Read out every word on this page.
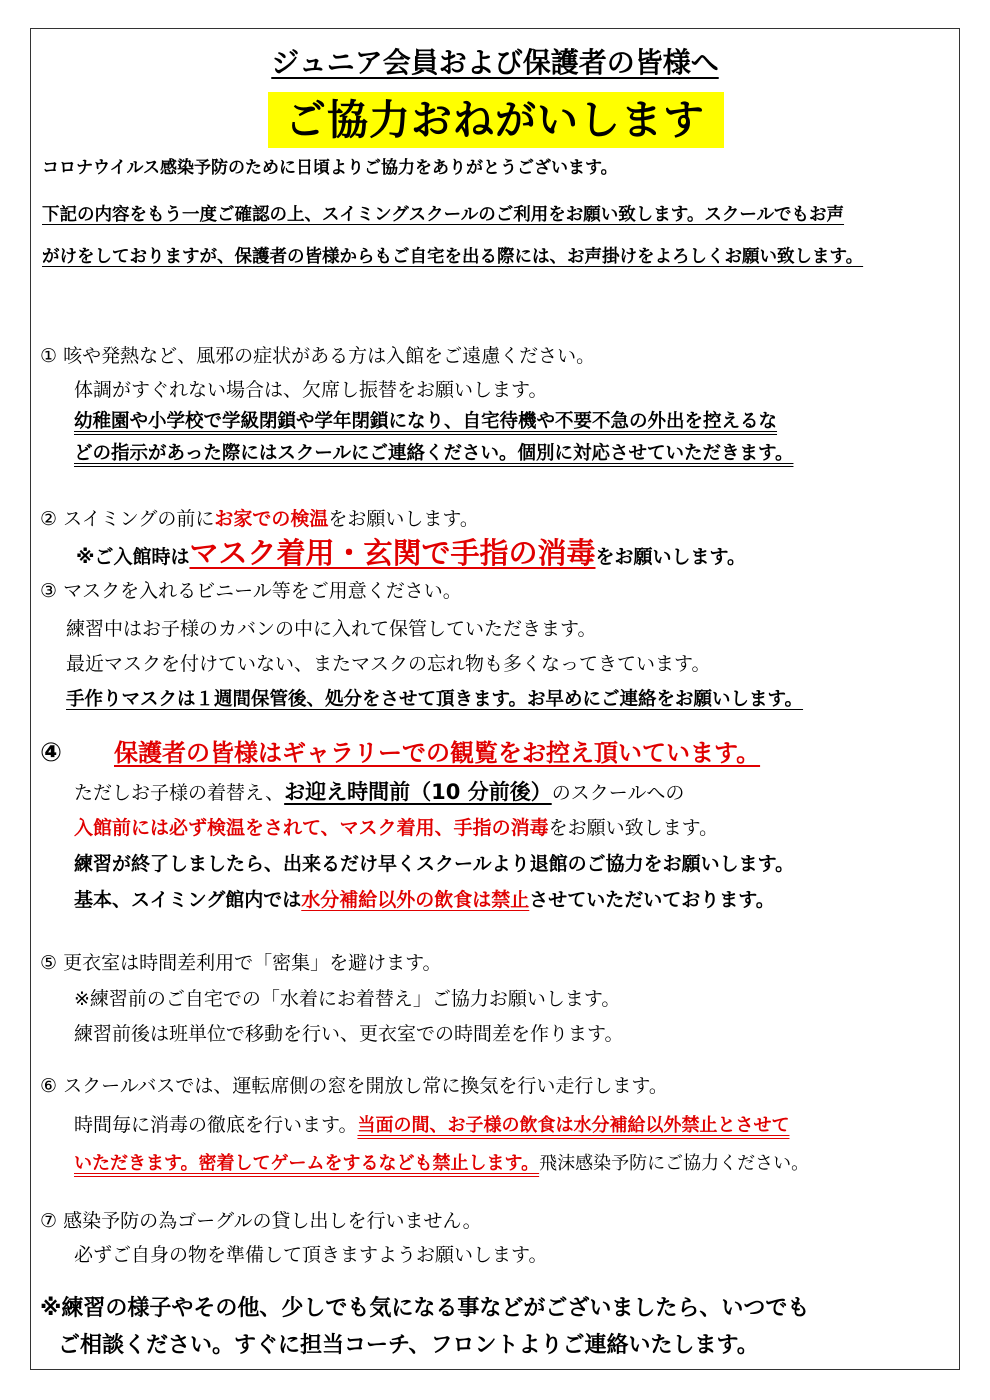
ジュニア会員および保護者の皆様へ
ご協力おねがいします
コロナウイルス感染予防のために日頃よりご協力をありがとうございます。
下記の内容をもう一度ご確認の上、スイミングスクールのご利用をお願い致します。スクールでもお声
がけをしておりますが、保護者の皆様からもご自宅を出る際には、お声掛けをよろしくお願い致します。
① 咳や発熱など、風邪の症状がある方は入館をご遠慮ください。
体調がすぐれない場合は、欠席し振替をお願いします。
幼稚園や小学校で学級閉鎖や学年閉鎖になり、自宅待機や不要不急の外出を控えるな
どの指示があった際にはスクールにご連絡ください。個別に対応させていただきます。
② スイミングの前にお家での検温をお願いします。
※ご入館時はマスク着用・玄関で手指の消毒をお願いします。
③ マスクを入れるビニール等をご用意ください。
練習中はお子様のカバンの中に入れて保管していただきます。
最近マスクを付けていない、またマスクの忘れ物も多くなってきています。
手作りマスクは１週間保管後、処分をさせて頂きます。お早めにご連絡をお願いします。
④ 保護者の皆様はギャラリーでの観覧をお控え頂いています。
ただしお子様の着替え、お迎え時間前（10 分前後）のスクールへの
入館前には必ず検温をされて、マスク着用、手指の消毒をお願い致します。
練習が終了しましたら、出来るだけ早くスクールより退館のご協力をお願いします。
基本、スイミング館内では水分補給以外の飲食は禁止させていただいております。
⑤ 更衣室は時間差利用で「密集」を避けます。
※練習前のご自宅での「水着にお着替え」ご協力お願いします。
練習前後は班単位で移動を行い、更衣室での時間差を作ります。
⑥ スクールバスでは、運転席側の窓を開放し常に換気を行い走行します。
時間毎に消毒の徹底を行います。当面の間、お子様の飲食は水分補給以外禁止とさせて
いただきます。密着してゲームをするなども禁止します。飛沫感染予防にご協力ください。
⑦ 感染予防の為ゴーグルの貸し出しを行いません。
必ずご自身の物を準備して頂きますようお願いします。
※練習の様子やその他、少しでも気になる事などがございましたら、いつでも
ご相談ください。すぐに担当コーチ、フロントよりご連絡いたします。
